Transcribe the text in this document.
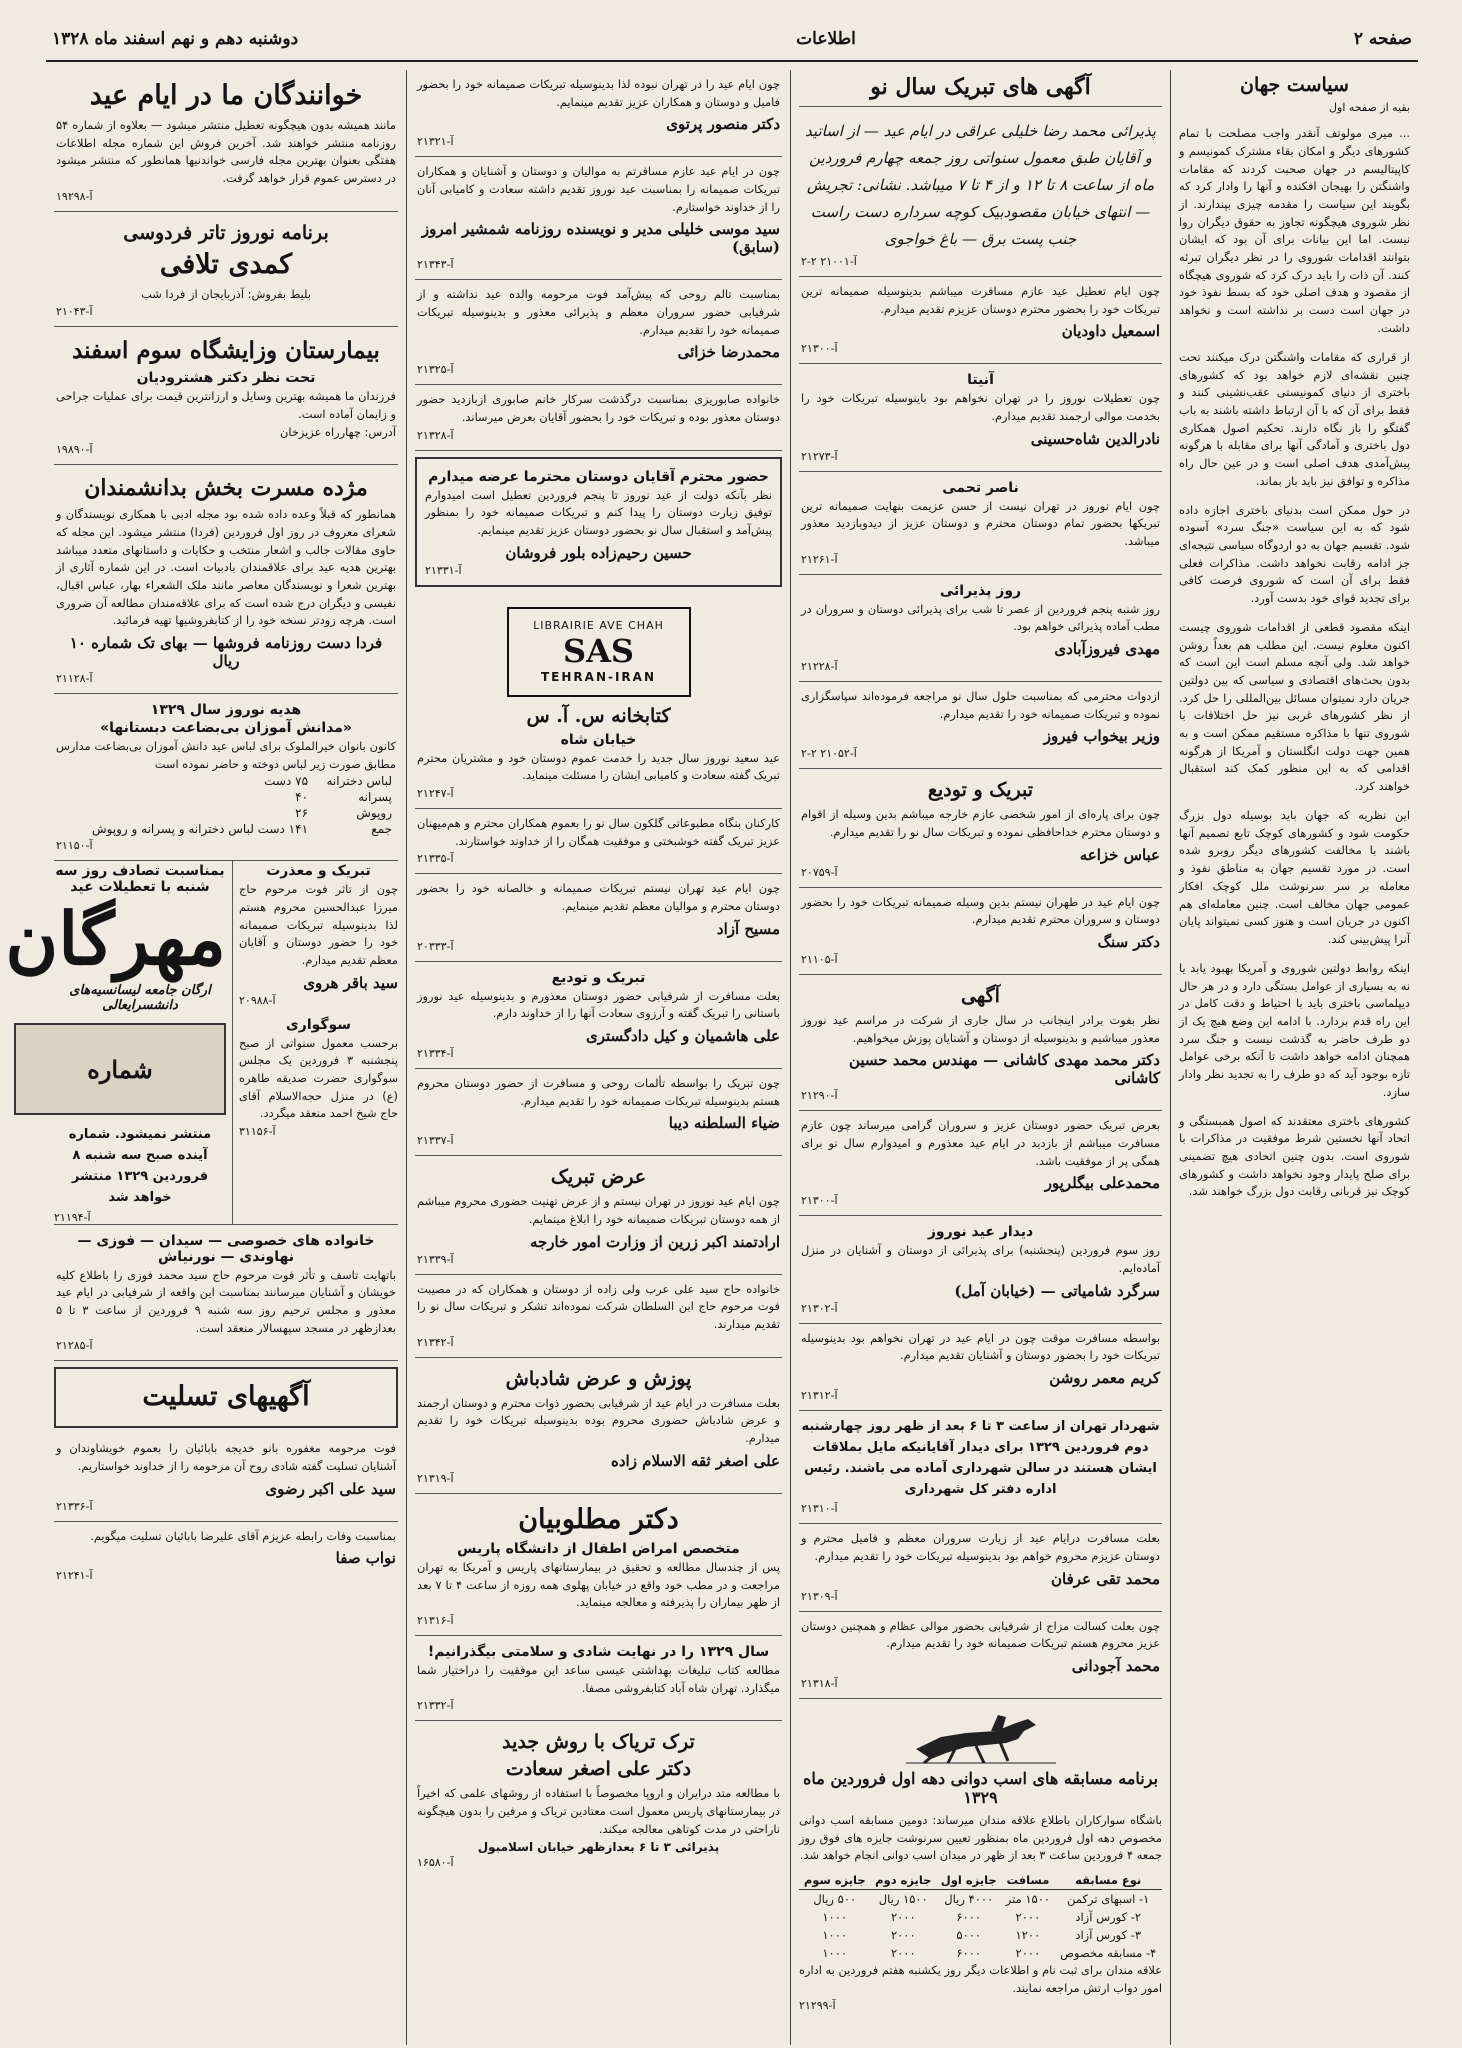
صفحه ۲
اطلاعات
دوشنبه دهم و نهم اسفند ماه ۱۳۲۸
سیاست جهان
بقیه از صفحه اول

... میری مولوتف آنقدر واجب مصلحت با تمام کشورهای دیگر و امکان بقاء مشترک کمونیسم و کاپیتالیسم در جهان صحبت کردند که مقامات واشنگتن را بهیجان افکنده و آنها را وادار کرد که بگویند این سیاست را مقدمه چیزی بپندارند. از نظر شوروی هیچگونه تجاوز به حقوق دیگران روا نیست. اما این بیانات برای آن بود که ایشان بتوانند اقدامات شوروی را در نظر دیگران تبرئه کنند. آن ذات را باید درک کرد که شوروی هیچگاه از مقصود و هدف اصلی خود که بسط نفوذ خود در جهان است دست بر نداشته است و نخواهد داشت.

از قراری که مقامات واشنگتن درک میکنند تحت چنین نقشه‌ای لازم خواهد بود که کشورهای باختری از دنیای کمونیستی عقب‌نشینی کنند و فقط برای آن که با آن ارتباط داشته باشند به باب گفتگو را باز نگاه دارند. تحکیم اصول همکاری دول باختری و آمادگی آنها برای مقابله با هرگونه پیش‌آمدی هدف اصلی است و در عین حال راه مذاکره و توافق نیز باید باز بماند.

در حول ممکن است بدنیای باختری اجازه داده شود که به این سیاست «جنگ سرد» آسوده شود. تقسیم جهان به دو اردوگاه سیاسی نتیجه‌ای جز ادامه رقابت نخواهد داشت. مذاکرات فعلی فقط برای آن است که شوروی فرصت کافی برای تجدید قوای خود بدست آورد.

اینکه مقصود قطعی از اقدامات شوروی چیست اکنون معلوم نیست. این مطلب هم بعداً روشن خواهد شد. ولی آنچه مسلم است این است که بدون بحث‌های اقتصادی و سیاسی که بین دولتین جریان دارد نمیتوان مسائل بین‌المللی را حل کرد. از نظر کشورهای غربی نیز حل اختلافات با شوروی تنها با مذاکره مستقیم ممکن است و به همین جهت دولت انگلستان و آمریکا از هرگونه اقدامی که به این منظور کمک کند استقبال خواهند کرد.

این نظریه که جهان باید بوسیله دول بزرگ حکومت شود و کشورهای کوچک تابع تصمیم آنها باشند با مخالفت کشورهای دیگر روبرو شده است. در مورد تقسیم جهان به مناطق نفوذ و معامله بر سر سرنوشت ملل کوچک افکار عمومی جهان مخالف است. چنین معامله‌ای هم اکنون در جریان است و هنوز کسی نمیتواند پایان آنرا پیش‌بینی کند.

اینکه روابط دولتین شوروی و آمریکا بهبود یابد یا نه به بسیاری از عوامل بستگی دارد و در هر حال دیپلماسی باختری باید با احتیاط و دقت کامل در این راه قدم بردارد. با ادامه این وضع هیچ یک از دو طرف حاضر به گذشت نیست و جنگ سرد همچنان ادامه خواهد داشت تا آنکه برخی عوامل تازه بوجود آید که دو طرف را به تجدید نظر وادار سازد.

کشورهای باختری معتقدند که اصول همبستگی و اتحاد آنها نخستین شرط موفقیت در مذاکرات با شوروی است. بدون چنین اتحادی هیچ تضمینی برای صلح پایدار وجود نخواهد داشت و کشورهای کوچک نیز قربانی رقابت دول بزرگ خواهند شد.

آگهی های تبریک سال نو
پذیرائی محمد رضا خلیلی عراقی در ایام عید — از اساتید و آقایان طبق معمول سنواتی روز جمعه چهارم فروردین ماه از ساعت ۸ تا ۱۲ و از ۴ تا ۷ میباشد. نشانی: تجریش — انتهای خیابان مقصودبیک کوچه سرداره دست راست جنب پست برق — باغ خواجوی
۲-۲ ۲۱۰۰۱-آ
چون ایام تعطیل عید عازم مسافرت میباشم بدینوسیله صمیمانه ترین تبریکات خود را بحضور محترم دوستان عزیزم تقدیم میدارم.
اسمعیل داودیان
۲۱۳۰۰-آ
آنیتا
چون تعطیلات نوروز را در تهران نخواهم بود باینوسیله تبریکات خود را بخدمت موالی ارجمند تقدیم میدارم.
نادرالدین شاه‌حسینی
۲۱۲۷۳-آ
ناصر تحمی
چون ایام نوروز در تهران نیست از حسن عزیمت بنهایت صمیمانه ترین تبریکها بحضور تمام دوستان محترم و دوستان عزیز از دیدوبازدید معذور میباشد.
۲۱۲۶۱-آ
روز پذیرائی
روز شنبه پنجم فروردین از عصر تا شب برای پذیرائی دوستان و سروران در مطب آماده پذیرائی خواهم بود.
مهدی فیروزآبادی
۲۱۲۲۸-آ
ازدوات محترمی که بمناسبت حلول سال نو مراجعه فرموده‌اند سپاسگزاری نموده و تبریکات صمیمانه خود را تقدیم میدارم.
وزیر بیخواب فیروز
۲-۲ ۲۱۰۵۲-آ
تبریک و تودیع
چون برای پاره‌ای از امور شخصی عازم خارجه میباشم بدین وسیله از اقوام و دوستان محترم خداحافظی نموده و تبریکات سال نو را تقدیم میدارم.
عباس خزاعه
۲۰۷۵۹-آ
چون ایام عید در طهران نیستم بدین وسیله صمیمانه تبریکات خود را بحضور دوستان و سروران محترم تقدیم میدارم.
دکتر سنگ
۲۱۱۰۵-آ
آگهی
نظر بفوت برادر اینجانب در سال جاری از شرکت در مراسم عید نوروز معذور میباشیم و بدینوسیله از دوستان و آشنایان پوزش میخواهیم.
دکتر محمد مهدی کاشانی — مهندس محمد حسین کاشانی
۲۱۲۹۰-آ
بعرض تبریک حضور دوستان عزیز و سروران گرامی میرساند چون عازم مسافرت میباشم از بازدید در ایام عید معذورم و امیدوارم سال نو برای همگی پر از موفقیت باشد.
محمدعلی بیگلرپور
۲۱۳۰۰-آ
دیدار عید نوروز
روز سوم فروردین (پنجشنبه) برای پذیرائی از دوستان و آشنایان در منزل آماده‌ایم.
سرگرد شامیاتی — (خیابان آمل)
۲۱۳۰۲-آ
بواسطه مسافرت موقت چون در ایام عید در تهران نخواهم بود بدینوسیله تبریکات خود را بحضور دوستان و آشنایان تقدیم میدارم.
کریم معمر روشن
۲۱۳۱۲-آ
شهردار تهران از ساعت ۳ تا ۶ بعد از ظهر روز چهارشنبه دوم فروردین ۱۳۲۹ برای دیدار آقایانیکه مایل بملاقات ایشان هستند در سالن شهرداری آماده می باشند. رئیس اداره دفتر کل شهرداری
۲۱۳۱۰-آ
بعلت مسافرت درایام عید از زیارت سروران معظم و فامیل محترم و دوستان عزیزم محروم خواهم بود بدینوسیله تبریکات خود را تقدیم میدارم.
محمد تقی عرفان
۲۱۳۰۹-آ
چون بعلت کسالت مزاج از شرفیابی بحضور موالی عظام و همچنین دوستان عزیز محروم هستم تبریکات صمیمانه خود را تقدیم میدارم.
محمد آجودانی
۲۱۳۱۸-آ
برنامه مسابقه های اسب دوانی دهه اول فروردین ماه ۱۳۲۹
باشگاه سوارکاران باطلاع علاقه مندان میرساند: دومین مسابقه اسب دوانی مخصوص دهه اول فروردین ماه بمنظور تعیین سرنوشت جایزه های فوق روز جمعه ۴ فروردین ساعت ۳ بعد از ظهر در میدان اسب دوانی انجام خواهد شد.
نوع مسابقه	مسافت	جایزه اول	جایزه دوم	جایزه سوم
۱- اسبهای ترکمن	۱۵۰۰ متر	۴۰۰۰ ریال	۱۵۰۰ ریال	۵۰۰ ریال
۲- کورس آزاد	۲۰۰۰	۶۰۰۰	۲۰۰۰	۱۰۰۰
۳- کورس آزاد	۱۲۰۰	۵۰۰۰	۲۰۰۰	۱۰۰۰
۴- مسابقه مخصوص	۲۰۰۰	۶۰۰۰	۲۰۰۰	۱۰۰۰
علاقه مندان برای ثبت نام و اطلاعات دیگر روز یکشنبه هفتم فروردین به اداره امور دواب ارتش مراجعه نمایند.
۲۱۲۹۹-آ
چون ایام عید را در تهران نبوده لذا بدینوسیله تبریکات صمیمانه خود را بحضور فامیل و دوستان و همکاران عزیز تقدیم مینمایم.
دکتر منصور پرتوی
۲۱۳۲۱-آ
چون در ایام عید عازم مسافرتم به موالیان و دوستان و آشنایان و همکاران تبریکات صمیمانه را بمناسبت عید نوروز تقدیم داشته سعادت و کامیابی آنان را از خداوند خواستارم.
سید موسی خلیلی مدیر و نویسنده روزنامه شمشیر امروز (سابق)
۲۱۳۴۳-آ
بمناسبت تالم روحی که پیش‌آمد فوت مرحومه والده عید نداشته و از شرفیابی حضور سروران معظم و پذیرائی معذور و بدینوسیله تبریکات صمیمانه خود را تقدیم میدارم.
محمدرضا خزائی
۲۱۳۲۵-آ
خانواده صابوریزی بمناسبت درگذشت سرکار خانم صابوری ازبازدید حضور دوستان معذور بوده و تبریکات خود را بحضور آقایان بعرض میرساند.
۲۱۳۲۸-آ
حضور محترم آقایان دوستان محترما عرضه میدارم
نظر بآنکه دولت از عید نوروز تا پنجم فروردین تعطیل است امیدوارم توفیق زیارت دوستان را پیدا کنم و تبریکات صمیمانه خود را بمنظور پیش‌آمد و استقبال سال نو بحضور دوستان عزیز تقدیم مینمایم.
حسین رحیم‌زاده بلور فروشان
۲۱۳۳۱-آ
LIBRAIRIE AVE CHAH
SAS
TEHRAN-IRAN
کتابخانه س. آ. س
خیابان شاه
عید سعید نوروز سال جدید را خدمت عموم دوستان خود و مشتریان محترم تبریک گفته سعادت و کامیابی ایشان را مسئلت مینماید.
۲۱۲۴۷-آ
کارکنان بنگاه مطبوعاتی گلکون سال نو را بعموم همکاران محترم و هم‌میهنان عزیز تبریک گفته خوشبختی و موفقیت همگان را از خداوند خواستارند.
۲۱۳۳۵-آ
چون ایام عید تهران نیستم تبریکات صمیمانه و خالصانه خود را بحضور دوستان محترم و موالیان معظم تقدیم مینمایم.
مسیح آزاد
۲۰۳۳۳-آ
تبریک و تودیع
بعلت مسافرت از شرفیابی حضور دوستان معذورم و بدینوسیله عید نوروز باستانی را تبریک گفته و آرزوی سعادت آنها را از خداوند دارم.
علی هاشمیان و کیل دادگستری
۲۱۳۳۴-آ
چون تبریک را بواسطه تألمات روحی و مسافرت از حضور دوستان محروم هستم بدینوسیله تبریکات صمیمانه خود را تقدیم میدارم.
ضیاء السلطنه دیبا
۲۱۳۳۷-آ
عرض تبریک
چون ایام عید نوروز در تهران نیستم و از عرض تهنیت حضوری محروم میباشم از همه دوستان تبریکات صمیمانه خود را ابلاغ مینمایم.
ارادتمند اکبر زرین از وزارت امور خارجه
۲۱۳۳۹-آ
خانواده حاج سید علی عرب ولی زاده از دوستان و همکاران که در مصیبت فوت مرحوم حاج ابن السلطان شرکت نموده‌اند تشکر و تبریکات سال نو را تقدیم میدارند.
۲۱۳۴۲-آ
پوزش و عرض شادباش
بعلت مسافرت در ایام عید از شرفیابی بحضور ذوات محترم و دوستان ارجمند و عرض شادباش حضوری محروم بوده بدینوسیله تبریکات خود را تقدیم میدارم.
علی اصغر ثقه الاسلام زاده
۲۱۳۱۹-آ
دکتر مطلوبیان
متخصص امراض اطفال از دانشگاه پاریس
پس از چندسال مطالعه و تحقیق در بیمارستانهای پاریس و آمریکا به تهران مراجعت و در مطب خود واقع در خیابان پهلوی همه روزه از ساعت ۴ تا ۷ بعد از ظهر بیماران را پذیرفته و معالجه مینماید.
۲۱۳۱۶-آ
سال ۱۳۲۹ را در نهایت شادی و سلامتی بیگذرانیم!
مطالعه کتاب تبلیغات بهداشتی عیسی ساعد این موفقیت را دراختیار شما میگذارد. تهران شاه آباد کتابفروشی مصفا.
۲۱۳۳۲-آ
ترک تریاک با روش جدید
دکتر علی اصغر سعادت
با مطالعه متد درایران و اروپا مخصوصاً با استفاده از روشهای علمی که اخیراً در بیمارستانهای پاریس معمول است معتادین تریاک و مرفین را بدون هیچگونه ناراحتی در مدت کوتاهی معالجه میکند.
پذیرائی ۳ تا ۶ بعدازظهر خیابان اسلامبول
۱۶۵۸۰-آ
خوانندگان ما در ایام عید
مانند همیشه بدون هیچگونه تعطیل منتشر میشود — بعلاوه از شماره ۵۴ روزنامه منتشر خواهند شد. آخرین فروش این شماره مجله اطلاعات هفتگی بعنوان بهترین مجله فارسی خواندنیها همانطور که منتشر میشود در دسترس عموم قرار خواهد گرفت.
۱۹۲۹۸-آ
برنامه نوروز تاتر فردوسی
کمدی تلافی
بلیط بفروش: آذربایجان از فردا شب
۲۱۰۴۳-آ
بیمارستان وزایشگاه سوم اسفند
تحت نظر دکتر هشترودیان
فرزندان ما همیشه بهترین وسایل و ارزانترین قیمت برای عملیات جراحی و زایمان آماده است.
آدرس: چهارراه عزیزخان
۱۹۸۹۰-آ
مژده مسرت بخش بدانشمندان
همانطور که قبلاً وعده داده شده بود مجله ادبی با همکاری نویسندگان و شعرای معروف در روز اول فروردین (فردا) منتشر میشود. این مجله که حاوی مقالات جالب و اشعار منتخب و حکایات و داستانهای متعدد میباشد بهترین هدیه عید برای علاقمندان بادبیات است. در این شماره آثاری از بهترین شعرا و نویسندگان معاصر مانند ملک الشعراء بهار، عباس اقبال، نفیسی و دیگران درج شده است که برای علاقه‌مندان مطالعه آن ضروری است. هرچه زودتر نسخه خود را از کتابفروشیها تهیه فرمائید.
فردا دست روزنامه فروشها — بهای تک شماره ۱۰ ریال
۲۱۱۲۸-آ
هدیه نوروز سال ۱۳۲۹
«مدانش آموزان بی‌بضاعت دبستانها»
کانون بانوان خیرالملوک برای لباس عید دانش آموزان بی‌بضاعت مدارس مطابق صورت زیر لباس دوخته و حاضر نموده است
لباس دخترانه	۷۵ دست
پسرانه	۴۰
روپوش	۲۶
جمع	۱۴۱ دست لباس دخترانه و پسرانه و روپوش
۲۱۱۵۰-آ
تبریک و معذرت
چون از تاثر فوت مرحوم حاج میرزا عبدالحسین محروم هستم لذا بدینوسیله تبریکات صمیمانه خود را حضور دوستان و آقایان معظم تقدیم میدارم.
سید باقر هروی
۲۰۹۸۸-آ
سوگواری
برحسب معمول سنواتی از صبح پنجشنبه ۳ فروردین یک مجلس سوگواری حضرت صدیقه طاهره (ع) در منزل حجه‌الاسلام آقای حاج شیخ احمد منعقد میگردد.
۳۱۱۵۶-آ
بمناسبت تصادف روز سه شنبه با تعطیلات عید
مهرگان
ارگان جامعه لیسانسیه‌های دانشسرایعالی
شماره
منتشر نمیشود. شماره آینده صبح سه شنبه ۸ فروردین ۱۳۲۹ منتشر خواهد شد
۲۱۱۹۴-آ
خانواده های خصوصی — سیدان — فوزی — نهاوندی — نورنیاش
باتهایت تاسف و تأثر فوت مرحوم حاج سید محمد فوزی را باطلاع کلیه خویشان و آشنایان میرسانند بمناسبت این واقعه از شرفیابی در ایام عید معذور و مجلس ترحیم روز سه شنبه ۹ فروردین از ساعت ۳ تا ۵ بعدازظهر در مسجد سپهسالار منعقد است.
۲۱۲۸۵-آ
آگهیهای تسلیت
فوت مرحومه مغفوره بانو خدیجه بابائیان را بعموم خویشاوندان و آشنایان تسلیت گفته شادی روح آن مرحومه را از خداوند خواستاریم.
سید علی اکبر رضوی
۲۱۳۳۶-آ
بمناسبت وفات رابطه عزیزم آقای علیرضا بابائیان تسلیت میگویم.
نواب صفا
۲۱۲۴۱-آ
